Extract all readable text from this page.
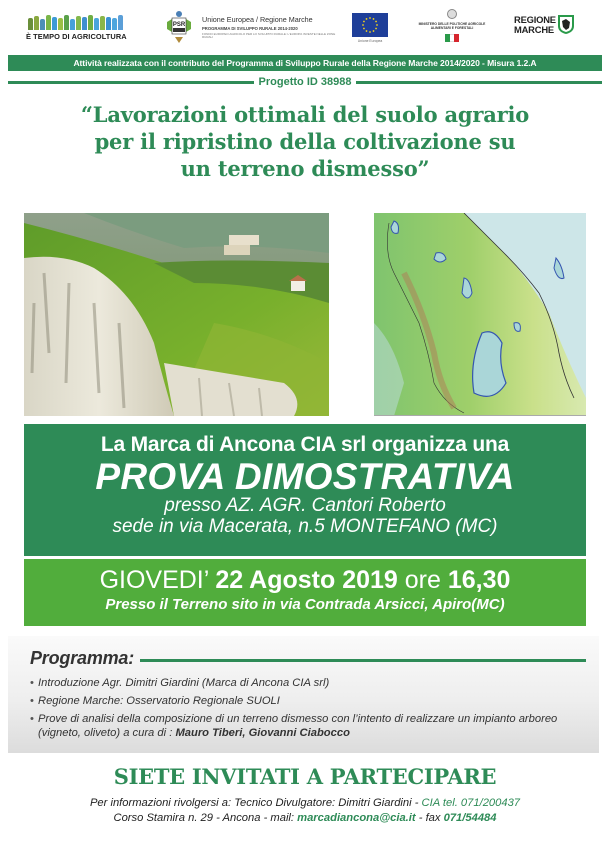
È TEMPO DI AGRICOLTURA
PSR
Unione Europea / Regione Marche
PROGRAMMA DI SVILUPPO RURALE 2014-2020
FONDO EUROPEO AGRICOLO PER LO SVILUPPO RURALE: L'EUROPA INVESTE NELLE ZONE RURALI
Unione Europea
MINISTERO DELLE POLITICHE AGRICOLE
ALIMENTARI E FORESTALI
REGIONE
MARCHE
Attività realizzata con il contributo del Programma di Sviluppo Rurale della Regione Marche 2014/2020 - Misura 1.2.A
Progetto ID 38988
“Lavorazioni ottimali del suolo agrario
per il ripristino della coltivazione su
un terreno dismesso”
La Marca di Ancona CIA srl organizza una
PROVA DIMOSTRATIVA
presso AZ. AGR. Cantori Roberto
sede in via Macerata, n.5 MONTEFANO (MC)
GIOVEDI’ 22 Agosto 2019 ore 16,30
Presso il Terreno sito in via Contrada Arsicci, Apiro(MC)
Programma:
• Introduzione Agr. Dimitri Giardini (Marca di Ancona CIA srl)
• Regione Marche: Osservatorio Regionale SUOLI
• Prove di analisi della composizione di un terreno dismesso con l’intento di realizzare un impianto arboreo (vigneto, oliveto) a cura di : Mauro Tiberi, Giovanni Ciabocco
SIETE INVITATI A PARTECIPARE
Per informazioni rivolgersi a: Tecnico Divulgatore: Dimitri Giardini - CIA tel. 071/200437
Corso Stamira n. 29 - Ancona - mail: marcadiancona@cia.it - fax 071/54484
